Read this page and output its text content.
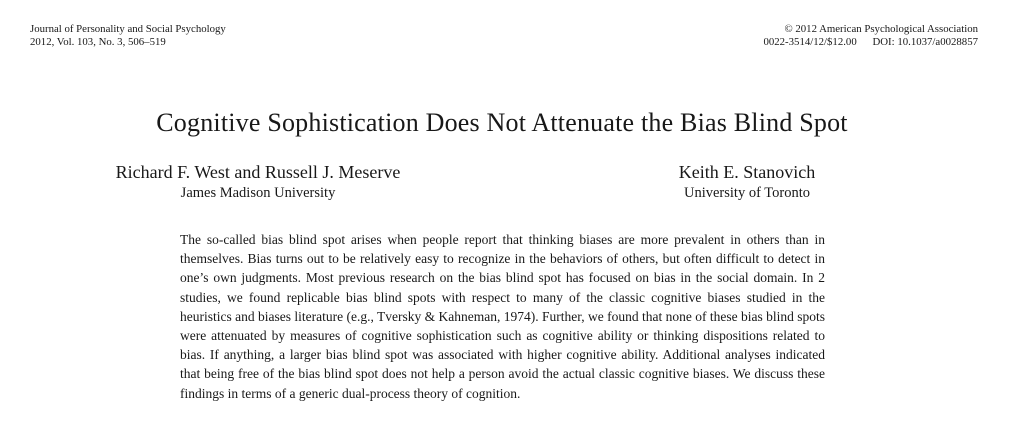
Journal of Personality and Social Psychology
2012, Vol. 103, No. 3, 506–519
© 2012 American Psychological Association
0022-3514/12/$12.00 DOI: 10.1037/a0028857
Cognitive Sophistication Does Not Attenuate the Bias Blind Spot
Richard F. West and Russell J. Meserve
James Madison University
Keith E. Stanovich
University of Toronto
The so-called bias blind spot arises when people report that thinking biases are more prevalent in others than in themselves. Bias turns out to be relatively easy to recognize in the behaviors of others, but often difficult to detect in one’s own judgments. Most previous research on the bias blind spot has focused on bias in the social domain. In 2 studies, we found replicable bias blind spots with respect to many of the classic cognitive biases studied in the heuristics and biases literature (e.g., Tversky & Kahneman, 1974). Further, we found that none of these bias blind spots were attenuated by measures of cognitive sophistication such as cognitive ability or thinking dispositions related to bias. If anything, a larger bias blind spot was associated with higher cognitive ability. Additional analyses indicated that being free of the bias blind spot does not help a person avoid the actual classic cognitive biases. We discuss these findings in terms of a generic dual-process theory of cognition.
